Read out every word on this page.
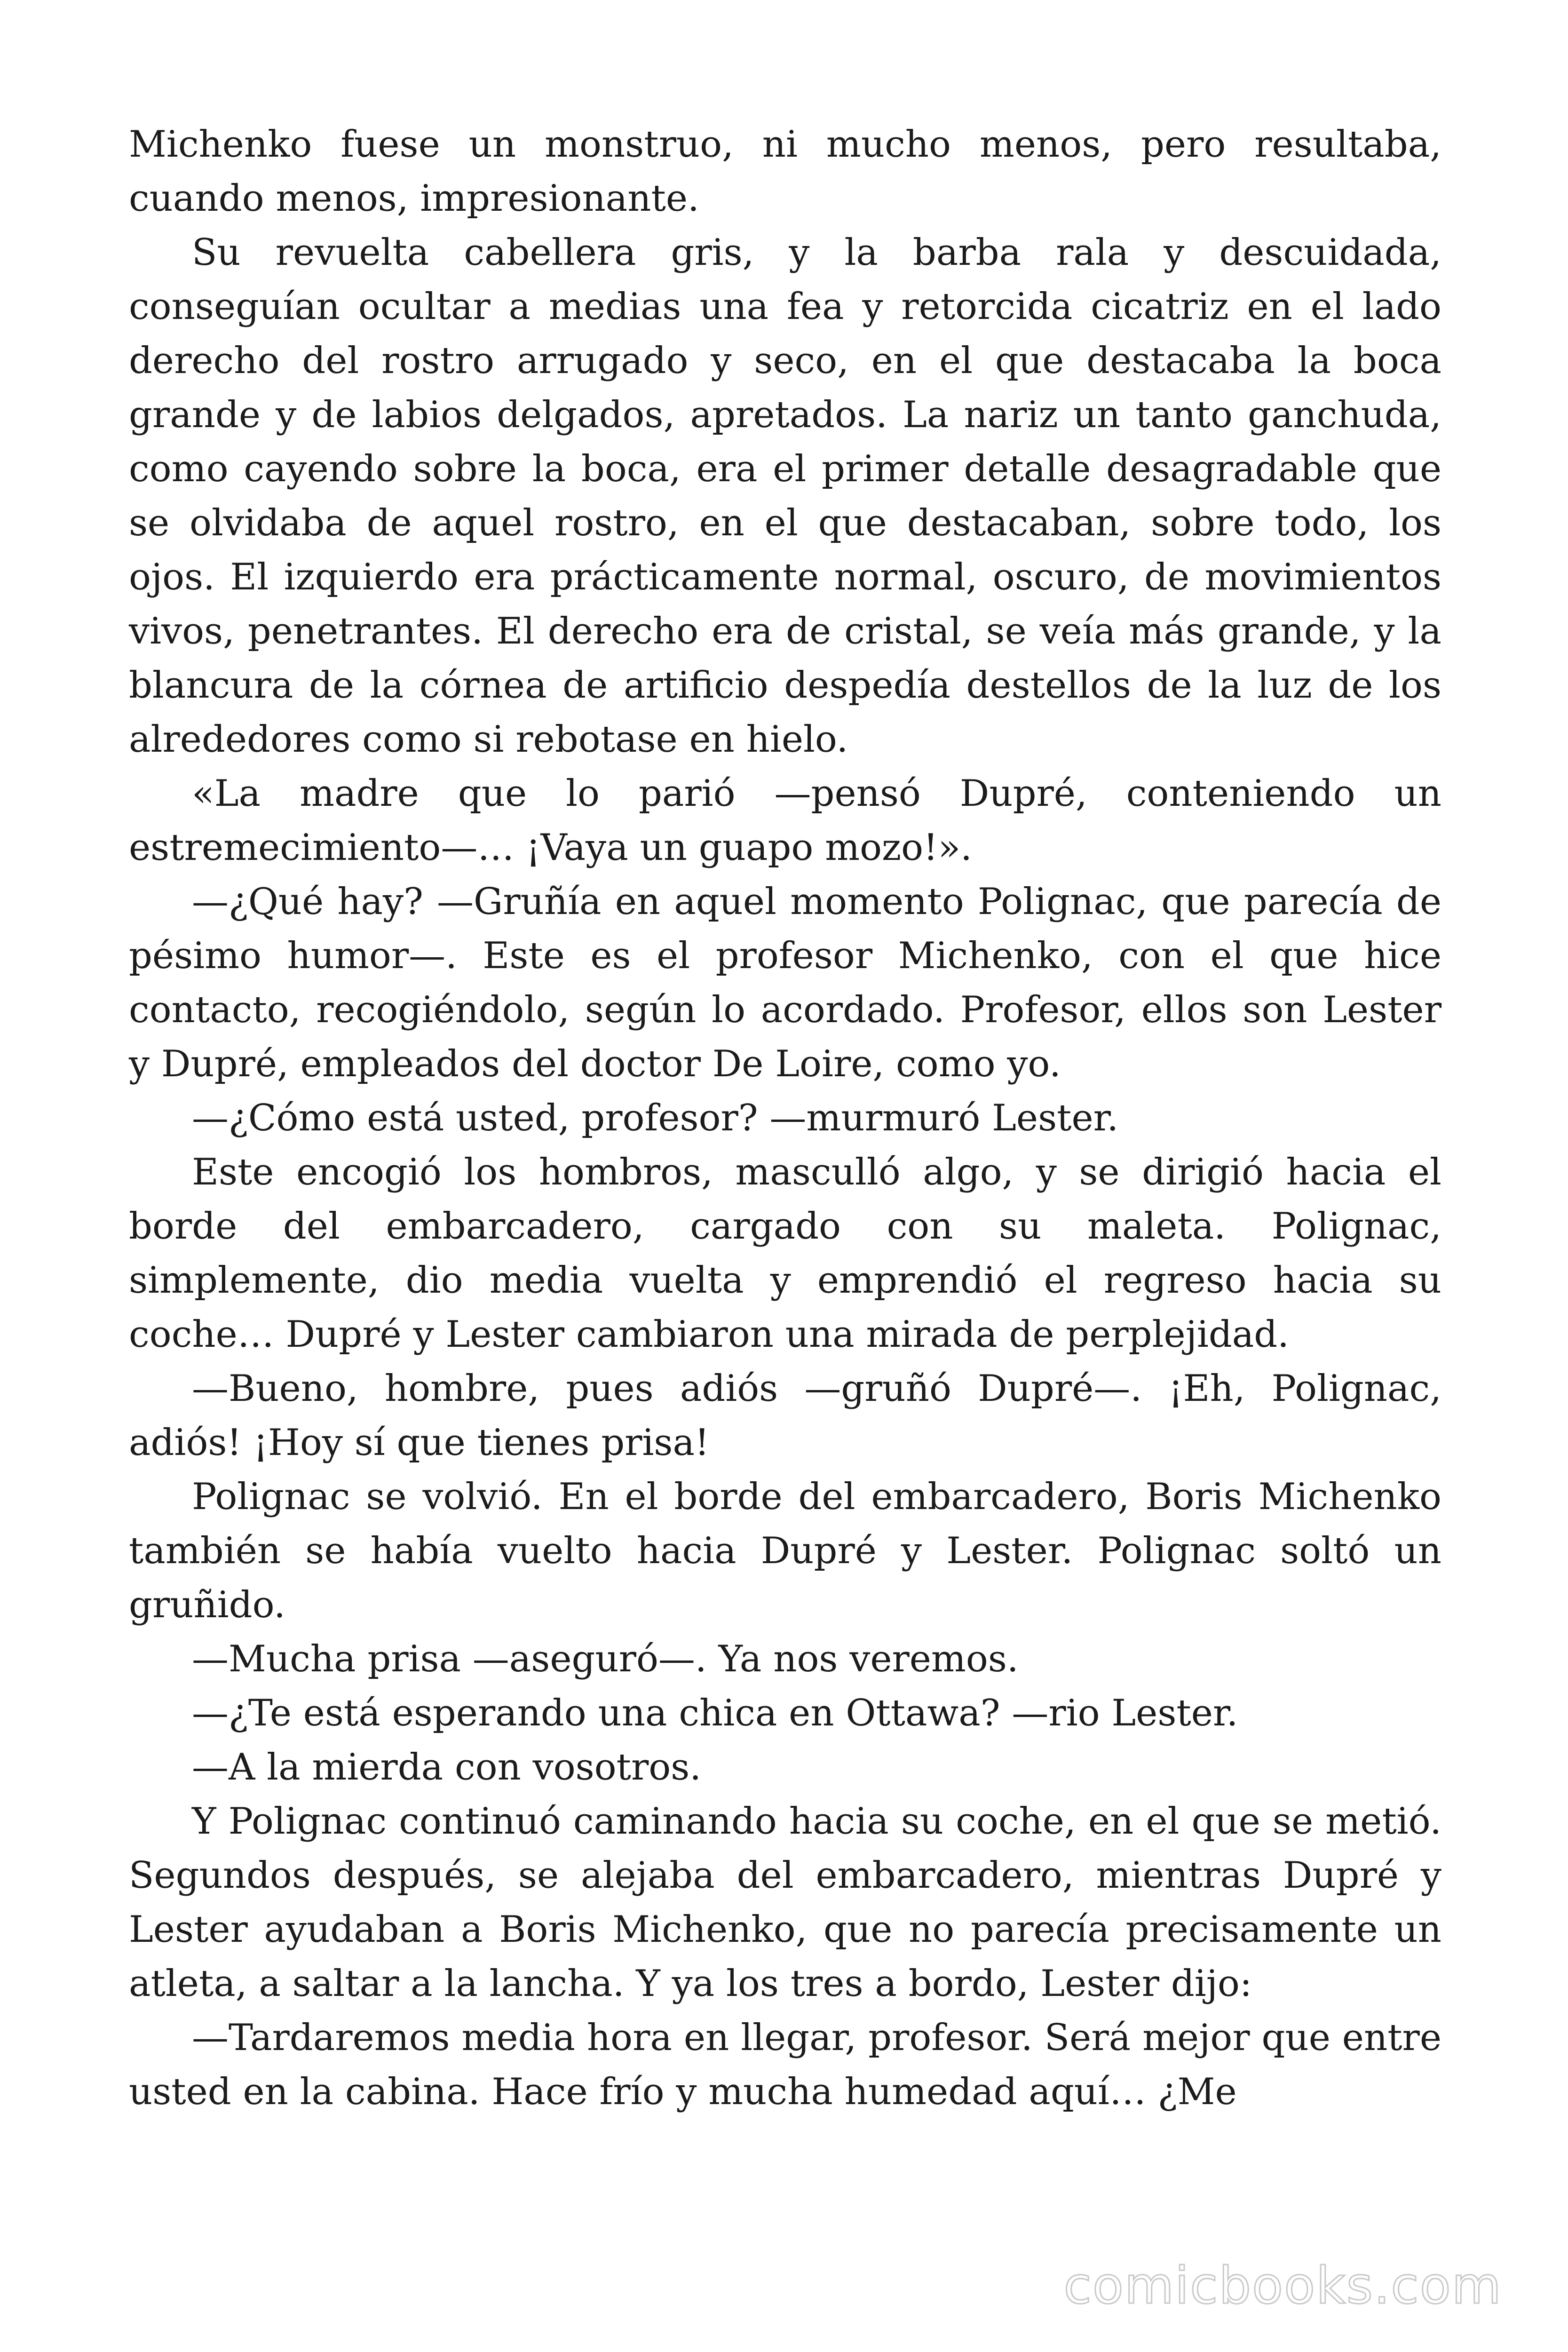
Michenko fuese un monstruo, ni mucho menos, pero resultaba, cuando menos, impresionante.

Su revuelta cabellera gris, y la barba rala y descuidada, conseguían ocultar a medias una fea y retorcida cicatriz en el lado derecho del rostro arrugado y seco, en el que destacaba la boca grande y de labios delgados, apretados. La nariz un tanto ganchuda, como cayendo sobre la boca, era el primer detalle desagradable que se olvidaba de aquel rostro, en el que destacaban, sobre todo, los ojos. El izquierdo era prácticamente normal, oscuro, de movimientos vivos, penetrantes. El derecho era de cristal, se veía más grande, y la blancura de la córnea de artificio despedía destellos de la luz de los alrededores como si rebotase en hielo.

«La madre que lo parió —pensó Dupré, conteniendo un estremecimiento—… ¡Vaya un guapo mozo!».

—¿Qué hay? —Gruñía en aquel momento Polignac, que parecía de pésimo humor—. Este es el profesor Michenko, con el que hice contacto, recogiéndolo, según lo acordado. Profesor, ellos son Lester y Dupré, empleados del doctor De Loire, como yo.

—¿Cómo está usted, profesor? —murmuró Lester.

Este encogió los hombros, masculló algo, y se dirigió hacia el borde del embarcadero, cargado con su maleta. Polignac, simplemente, dio media vuelta y emprendió el regreso hacia su coche… Dupré y Lester cambiaron una mirada de perplejidad.

—Bueno, hombre, pues adiós —gruñó Dupré—. ¡Eh, Polignac, adiós! ¡Hoy sí que tienes prisa!

Polignac se volvió. En el borde del embarcadero, Boris Michenko también se había vuelto hacia Dupré y Lester. Polignac soltó un gruñido.

—Mucha prisa —aseguró—. Ya nos veremos.

—¿Te está esperando una chica en Ottawa? —rio Lester.

—A la mierda con vosotros.

Y Polignac continuó caminando hacia su coche, en el que se metió. Segundos después, se alejaba del embarcadero, mientras Dupré y Lester ayudaban a Boris Michenko, que no parecía precisamente un atleta, a saltar a la lancha. Y ya los tres a bordo, Lester dijo:

—Tardaremos media hora en llegar, profesor. Será mejor que entre usted en la cabina. Hace frío y mucha humedad aquí… ¿Me

comicbooks.com
